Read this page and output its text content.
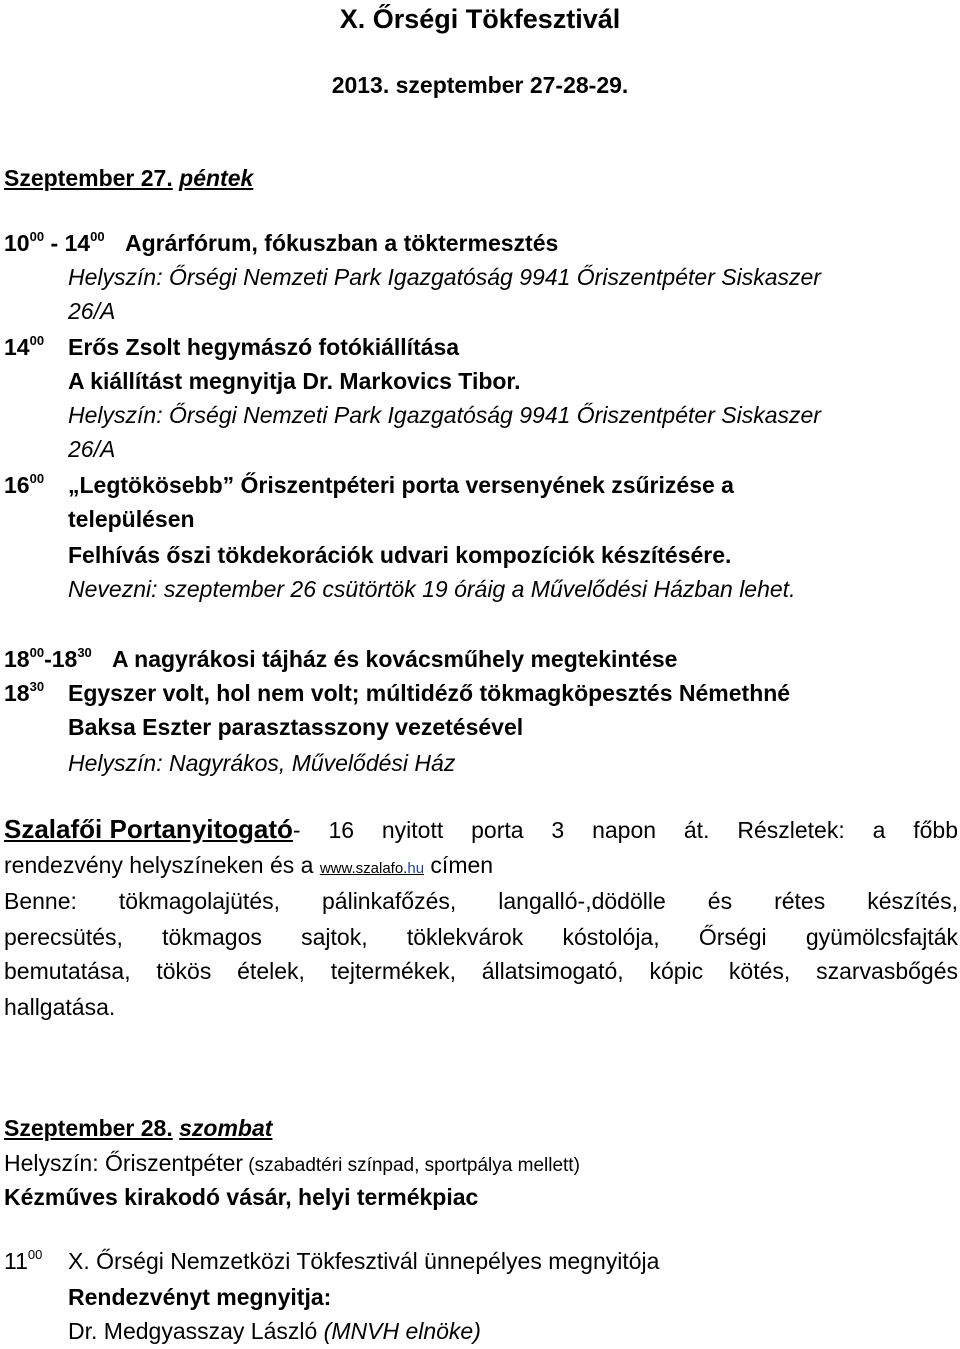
X. Őrségi Tökfesztivál
2013. szeptember 27-28-29.
Szeptember 27. péntek
$10^{00} - 14^{00}$ Agrárfórum, fókuszban a töktermesztés
Helyszín: Őrségi Nemzeti Park Igazgatóság 9941 Őriszentpéter Siskaszer
26/A
$14^{00}$ Erős Zsolt hegymászó fotókiállítása
A kiállítást megnyitja Dr. Markovics Tibor.
Helyszín: Őrségi Nemzeti Park Igazgatóság 9941 Őriszentpéter Siskaszer
26/A
$16^{00}$ „Legtökösebb” Őriszentpéteri porta versenyének zsűrizése a
településen
Felhívás őszi tökdekorációk udvari kompozíciók készítésére.
Nevezni: szeptember 26 csütörtök 19 óráig a Művelődési Házban lehet.
$18^{00}-18^{30}$ A nagyrákosi tájház és kovácsműhely megtekintése
$18^{30}$ Egyszer volt, hol nem volt; múltidéző tökmagköpesztés Némethné
Baksa Eszter parasztasszony vezetésével
Helyszín: Nagyrákos, Művelődési Ház
Szalafői Portanyitogató - 16 nyitott porta 3 napon át. Részletek: a főbb
rendezvény helyszíneken és a www.szalafo.hu címen
Benne: tökmagolajütés, pálinkafőzés, langalló-,dödölle és rétes készítés,
perecsütés, tökmagos sajtok, töklekvárok kóstolója, Őrségi gyümölcsfajták
bemutatása, tökös ételek, tejtermékek, állatsimogató, kópic kötés, szarvasbőgés
hallgatása.
Szeptember 28. szombat
Helyszín: Őriszentpéter (szabadtéri színpad, sportpálya mellett)
Kézműves kirakodó vásár, helyi termékpiac
$11^{00}$ X. Őrségi Nemzetközi Tökfesztivál ünnepélyes megnyitója
Rendezvényt megnyitja:
Dr. Medgyasszay László (MNVH elnöke)
